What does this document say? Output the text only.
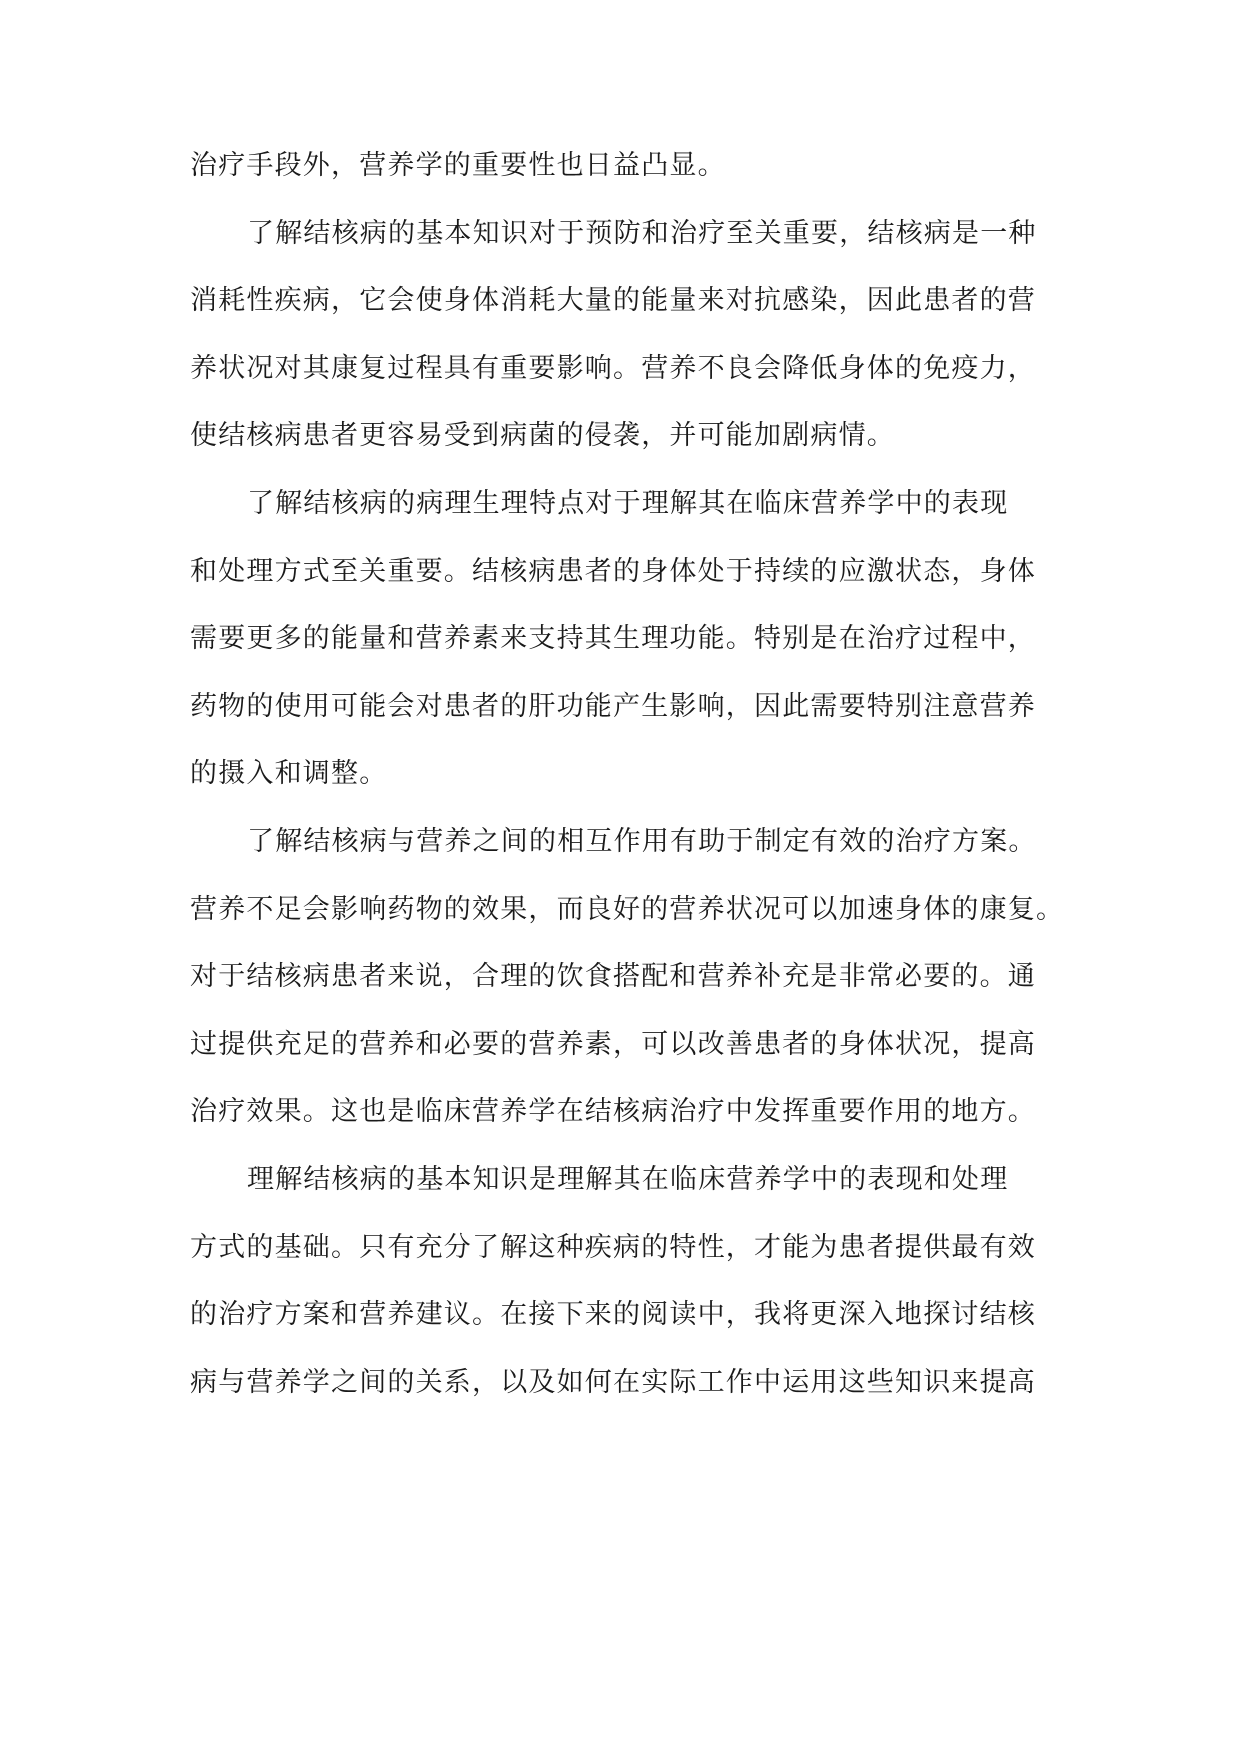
治疗手段外，营养学的重要性也日益凸显。
了解结核病的基本知识对于预防和治疗至关重要，结核病是一种
消耗性疾病，它会使身体消耗大量的能量来对抗感染，因此患者的营
养状况对其康复过程具有重要影响。营养不良会降低身体的免疫力，
使结核病患者更容易受到病菌的侵袭，并可能加剧病情。
了解结核病的病理生理特点对于理解其在临床营养学中的表现
和处理方式至关重要。结核病患者的身体处于持续的应激状态，身体
需要更多的能量和营养素来支持其生理功能。特别是在治疗过程中，
药物的使用可能会对患者的肝功能产生影响，因此需要特别注意营养
的摄入和调整。
了解结核病与营养之间的相互作用有助于制定有效的治疗方案。
营养不足会影响药物的效果，而良好的营养状况可以加速身体的康复。
对于结核病患者来说，合理的饮食搭配和营养补充是非常必要的。通
过提供充足的营养和必要的营养素，可以改善患者的身体状况，提高
治疗效果。这也是临床营养学在结核病治疗中发挥重要作用的地方。
理解结核病的基本知识是理解其在临床营养学中的表现和处理
方式的基础。只有充分了解这种疾病的特性，才能为患者提供最有效
的治疗方案和营养建议。在接下来的阅读中，我将更深入地探讨结核
病与营养学之间的关系，以及如何在实际工作中运用这些知识来提高
